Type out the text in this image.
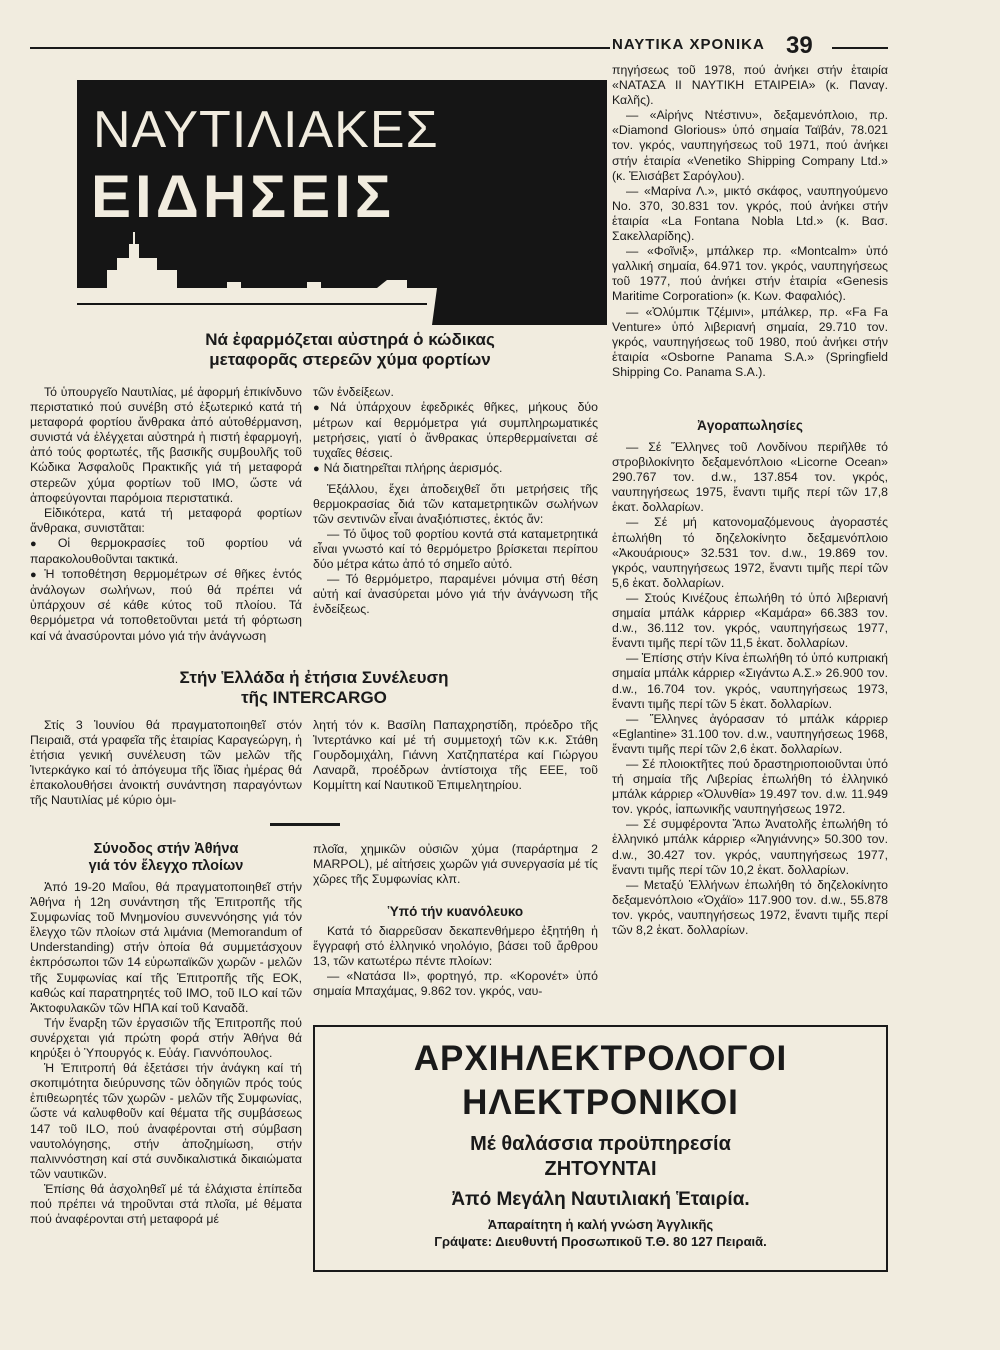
ΝΑΥΤΙΚΑ ΧΡΟΝΙΚΑ 39
ΝΑΥΤΙΛΙΑΚΕΣ
ΕΙΔΗΣΕΙΣ
Νά ἐφαρμόζεται αὐστηρά ὁ κώδικας
μεταφορᾶς στερεῶν χύμα φορτίων

Τό ὑπουργεῖο Ναυτιλίας, μέ ἀφορμή ἐπικίνδυνο περιστατικό πού συνέβη στό ἐξωτερικό κατά τή μεταφορά φορτίου ἄνθρακα ἀπό αὐτοθέρμανση, συνιστά νά ἐλέγχεται αὐστηρά ἡ πιστή ἐφαρμογή, ἀπό τούς φορτωτές, τῆς βασικῆς συμβουλῆς τοῦ Κώδικα Ἀσφαλοῦς Πρακτικῆς γιά τή μεταφορά στερεῶν χύμα φορτίων τοῦ ΙΜΟ, ὥστε νά ἀποφεύγονται παρόμοια περιστατικά.

Εἰδικότερα, κατά τή μεταφορά φορτίων ἄνθρακα, συνιστᾶται:

● Οἱ θερμοκρασίες τοῦ φορτίου νά παρακολουθοῦνται τακτικά.

● Ἡ τοποθέτηση θερμομέτρων σέ θῆκες ἐντός ἀνάλογων σωλήνων, πού θά πρέπει νά ὑπάρχουν σέ κάθε κύτος τοῦ πλοίου. Τά θερμόμετρα νά τοποθετοῦνται μετά τή φόρτωση καί νά ἀνασύρονται μόνο γιά τήν ἀνάγνωση

τῶν ἐνδείξεων.

● Νά ὑπάρχουν ἐφεδρικές θῆκες, μήκους δύο μέτρων καί θερμόμετρα γιά συμπληρωματικές μετρήσεις, γιατί ὁ ἄνθρακας ὑπερθερμαίνεται σέ τυχαῖες θέσεις.

● Νά διατηρεῖται πλήρης ἀερισμός.

Ἐξάλλου, ἔχει ἀποδειχθεῖ ὅτι μετρήσεις τῆς θερμοκρασίας διά τῶν καταμετρητικῶν σωλήνων τῶν σεντινῶν εἶναι ἀναξιόπιστες, ἐκτός ἄν:

— Τό ὕψος τοῦ φορτίου κοντά στά καταμετρητικά εἶναι γνωστό καί τό θερμόμετρο βρίσκεται περίπου δύο μέτρα κάτω ἀπό τό σημεῖο αὐτό.

— Τό θερμόμετρο, παραμένει μόνιμα στή θέση αὐτή καί ἀνασύρεται μόνο γιά τήν ἀνάγνωση τῆς ἐνδείξεως.

Στήν Ἑλλάδα ἡ ἐτήσια Συνέλευση
τῆς INTERCARGO

Στίς 3 Ἰουνίου θά πραγματοποιηθεῖ στόν Πειραιᾶ, στά γραφεῖα τῆς ἑταιρίας Καραγεώργη, ἡ ἐτήσια γενική συνέλευση τῶν μελῶν τῆς Ἰντερκάγκο καί τό ἀπόγευμα τῆς ἴδιας ἡμέρας θά ἐπακολουθήσει ἀνοικτή συνάντηση παραγόντων τῆς Ναυτιλίας μέ κύριο ὁμι-

λητή τόν κ. Βασίλη Παπαχρηστίδη, πρόεδρο τῆς Ἰντερτάνκο καί μέ τή συμμετοχή τῶν κ.κ. Στάθη Γουρδομιχάλη, Γιάννη Χατζηπατέρα καί Γιώργου Λαναρᾶ, προέδρων ἀντίστοιχα τῆς ΕΕΕ, τοῦ Κομμίττη καί Ναυτικοῦ Ἐπιμελητηρίου.

Σύνοδος στήν Ἀθήνα
γιά τόν ἔλεγχο πλοίων

Ἀπό 19-20 Μαΐου, θά πραγματοποιηθεῖ στήν Ἀθήνα ἡ 12η συνάντηση τῆς Ἐπιτροπῆς τῆς Συμφωνίας τοῦ Μνημονίου συνεννόησης γιά τόν ἔλεγχο τῶν πλοίων στά λιμάνια (Memorandum of Understanding) στήν ὁποία θά συμμετάσχουν ἐκπρόσωποι τῶν 14 εὐρωπαϊκῶν χωρῶν - μελῶν τῆς Συμφωνίας καί τῆς Ἐπιτροπῆς τῆς ΕΟΚ, καθώς καί παρατηρητές τοῦ ΙΜΟ, τοῦ ILO καί τῶν Ἀκτοφυλακῶν τῶν ΗΠΑ καί τοῦ Καναδᾶ.

Τήν ἔναρξη τῶν ἐργασιῶν τῆς Ἐπιτροπῆς πού συνέρχεται γιά πρώτη φορά στήν Ἀθήνα θά κηρύξει ὁ Ὑπουργός κ. Εὐάγ. Γιαννόπουλος.

Ἡ Ἐπιτροπή θά ἐξετάσει τήν ἀνάγκη καί τή σκοπιμότητα διεύρυνσης τῶν ὁδηγιῶν πρός τούς ἐπιθεωρητές τῶν χωρῶν - μελῶν τῆς Συμφωνίας, ὥστε νά καλυφθοῦν καί θέματα τῆς συμβάσεως 147 τοῦ ILO, πού ἀναφέρονται στή σύμβαση ναυτολόγησης, στήν ἀποζημίωση, στήν παλιννόστηση καί στά συνδικαλιστικά δικαιώματα τῶν ναυτικῶν.

Ἐπίσης θά ἀσχοληθεῖ μέ τά ἐλάχιστα ἐπίπεδα πού πρέπει νά τηροῦνται στά πλοῖα, μέ θέματα πού ἀναφέρονται στή μεταφορά μέ

πλοῖα, χημικῶν οὐσιῶν χύμα (παράρτημα 2 MARPOL), μέ αἰτήσεις χωρῶν γιά συνεργασία μέ τίς χῶρες τῆς Συμφωνίας κλπ.

Ὑπό τήν κυανόλευκο

Κατά τό διαρρεῦσαν δεκαπενθήμερο ἐξητήθη ἡ ἔγγραφή στό ἑλληνικό νηολόγιο, βάσει τοῦ ἄρθρου 13, τῶν κατωτέρω πέντε πλοίων:

— «Νατάσα ΙΙ», φορτηγό, πρ. «Κορονέτ» ὑπό σημαία Μπαχάμας, 9.862 τον. γκρός, ναυ-

πηγήσεως τοῦ 1978, πού ἀνήκει στήν ἑταιρία «ΝΑΤΑΣΑ ΙΙ ΝΑΥΤΙΚΗ ΕΤΑΙΡΕΙΑ» (κ. Παναγ. Καλῆς).

— «Αἰρήνς Ντέστινυ», δεξαμενόπλοιο, πρ. «Diamond Glorious» ὑπό σημαία Ταϊβάν, 78.021 τον. γκρός, ναυπηγήσεως τοῦ 1971, πού ἀνήκει στήν ἑταιρία «Venetiko Shipping Company Ltd.» (κ. Ἐλισάβετ Σαρόγλου).

— «Μαρίνα Λ.», μικτό σκάφος, ναυπηγούμενο Νο. 370, 30.831 τον. γκρός, πού ἀνήκει στήν ἑταιρία «La Fontana Nobla Ltd.» (κ. Βασ. Σακελλαρίδης).

— «Φοῖνιξ», μπάλκερ πρ. «Montcalm» ὑπό γαλλική σημαία, 64.971 τον. γκρός, ναυπηγήσεως τοῦ 1977, πού ἀνήκει στήν ἑταιρία «Genesis Maritime Corporation» (κ. Κων. Φαφαλιός).

— «Ὀλύμπικ Τζέμινι», μπάλκερ, πρ. «Fa Fa Venture» ὑπό λιβεριανή σημαία, 29.710 τον. γκρός, ναυπηγήσεως τοῦ 1980, πού ἀνήκει στήν ἑταιρία «Osborne Panama S.A.» (Springfield Shipping Co. Panama S.A.).

Ἀγοραπωλησίες

— Σέ Ἕλληνες τοῦ Λονδίνου περιῆλθε τό στροβιλοκίνητο δεξαμενόπλοιο «Licorne Ocean» 290.767 τον. d.w., 137.854 τον. γκρός, ναυπηγήσεως 1975, ἔναντι τιμῆς περί τῶν 17,8 ἑκατ. δολλαρίων.

— Σέ μή κατονομαζόμενους ἀγοραστές ἐπωλήθη τό δηζελοκίνητο δεξαμενόπλοιο «Ἀκουάριους» 32.531 τον. d.w., 19.869 τον. γκρός, ναυπηγήσεως 1972, ἔναντι τιμῆς περί τῶν 5,6 ἑκατ. δολλαρίων.

— Στούς Κινέζους ἐπωλήθη τό ὑπό λιβεριανή σημαία μπάλκ κάρριερ «Καμάρα» 66.383 τον. d.w., 36.112 τον. γκρός, ναυπηγήσεως 1977, ἔναντι τιμῆς περί τῶν 11,5 ἑκατ. δολλαρίων.

— Ἐπίσης στήν Κίνα ἐπωλήθη τό ὑπό κυπριακή σημαία μπάλκ κάρριερ «Σιγάντω Α.Σ.» 26.900 τον. d.w., 16.704 τον. γκρός, ναυπηγήσεως 1973, ἔναντι τιμῆς περί τῶν 5 ἑκατ. δολλαρίων.

— Ἕλληνες ἀγόρασαν τό μπάλκ κάρριερ «Eglantine» 31.100 τον. d.w., ναυπηγήσεως 1968, ἔναντι τιμῆς περί τῶν 2,6 ἑκατ. δολλαρίων.

— Σέ πλοιοκτῆτες πού δραστηριοποιοῦνται ὑπό τή σημαία τῆς Λιβερίας ἐπωλήθη τό ἑλληνικό μπάλκ κάρριερ «Ὀλυνθία» 19.497 τον. d.w. 11.949 τον. γκρός, ἰαπωνικῆς ναυπηγήσεως 1972.

— Σέ συμφέροντα Ἄπω Ἀνατολῆς ἐπωλήθη τό ἑλληνικό μπάλκ κάρριερ «Ἀηγιάννης» 50.300 τον. d.w., 30.427 τον. γκρός, ναυπηγήσεως 1977, ἔναντι τιμῆς περί τῶν 10,2 ἑκατ. δολλαρίων.

— Μεταξύ Ἑλλήνων ἐπωλήθη τό δηζελοκίνητο δεξαμενόπλοιο «Ὀχάϊο» 117.900 τον. d.w., 55.878 τον. γκρός, ναυπηγήσεως 1972, ἔναντι τιμῆς περί τῶν 8,2 ἑκατ. δολλαρίων.

ΑΡΧΙΗΛΕΚΤΡΟΛΟΓΟΙ
ΗΛΕΚΤΡΟΝΙΚΟΙ
Μέ θαλάσσια προϋπηρεσία
ΖΗΤΟΥΝΤΑΙ
Ἀπό Μεγάλη Ναυτιλιακή Ἑταιρία.
Ἀπαραίτητη ἡ καλή γνώση Ἀγγλικῆς
Γράψατε: Διευθυντή Προσωπικοῦ Τ.Θ. 80 127 Πειραιᾶ.
